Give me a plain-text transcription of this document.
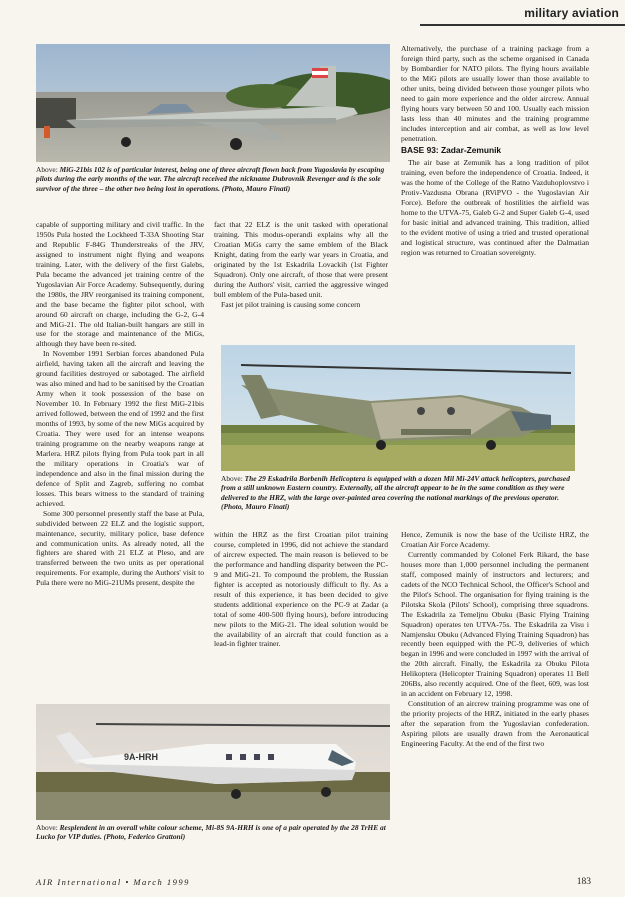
military aviation
Above: MiG-21bis 102 is of particular interest, being one of three aircraft flown back from Yugoslavia by escaping pilots during the early months of the war. The aircraft received the nickname Dubrovnik Revenger and is the sole survivor of the three – the other two being lost in operations. (Photo, Mauro Finati)

Alternatively, the purchase of a training package from a foreign third party, such as the scheme organised in Canada by Bombardier for NATO pilots. The flying hours available to the MiG pilots are usually lower than those available to other units, being divided between those younger pilots who need to gain more experience and the older aircrew. Annual flying hours vary between 50 and 100. Usually each mission lasts less than 40 minutes and the training programme includes interception and air combat, as well as low level penetration.

BASE 93: Zadar-Zemunik

The air base at Zemunik has a long tradition of pilot training, even before the independence of Croatia. Indeed, it was the home of the College of the Ratno Vazduhoplovstvo i Protiv-Vazdusna Obrana (RViPVO - the Yugoslavian Air Force). Before the outbreak of hostilities the airfield was home to the UTVA-75, Galeb G-2 and Super Galeb G-4, used for basic initial and advanced training. This tradition, allied to the evident motive of using a tried and trusted operational and logistical structure, was continued after the Dalmatian region was returned to Croatian sovereignty.

capable of supporting military and civil traffic. In the 1950s Pula hosted the Lockheed T-33A Shooting Star and Republic F-84G Thunderstreaks of the JRV, assigned to instrument night flying and weapons training. Later, with the delivery of the first Galebs, Pula became the advanced jet training centre of the Yugoslavian Air Force Academy. Subsequently, during the 1980s, the JRV reorganised its training component, and the base became the fighter pilot school, with around 60 aircraft on charge, including the G-2, G-4 and MiG-21. The old Italian-built hangars are still in use for the storage and maintenance of the MiGs, although they have been re-sited.

In November 1991 Serbian forces abandoned Pula airfield, having taken all the aircraft and leaving the ground facilities destroyed or sabotaged. The airfield was also mined and had to be sanitised by the Croatian Army when it took possession of the base on November 10. In February 1992 the first MiG-21bis arrived followed, between the end of 1992 and the first months of 1993, by some of the new MiGs acquired by Croatia. They were used for an intense weapons training programme on the nearby weapons range at Marlera. HRZ pilots flying from Pula took part in all the military operations in Croatia's war of independence and also in the final mission during the defence of Split and Zagreb, suffering no combat losses. This bears witness to the standard of training achieved.

Some 300 personnel presently staff the base at Pula, subdivided between 22 ELZ and the logistic support, maintenance, security, military police, base defence and communication units. As already noted, all the fighters are shared with 21 ELZ at Pleso, and are transferred between the two units as per operational requirements. For example, during the Authors' visit to Pula there were no MiG-21UMs present, despite the

fact that 22 ELZ is the unit tasked with operational training. This modus-operandi explains why all the Croatian MiGs carry the same emblem of the Black Knight, dating from the early war years in Croatia, and originated by the 1st Eskadrila Lovackih (1st Fighter Squadron). Only one aircraft, of those that were present during the Authors' visit, carried the aggressive winged bull emblem of the Pula-based unit.

Fast jet pilot training is causing some concern

Above: The 29 Eskadrila Borbenih Helicoptera is equipped with a dozen Mil Mi-24V attack helicopters, purchased from a still unknown Eastern country. Externally, all the aircraft appear to be in the same condition as they were delivered to the HRZ, with the large over-painted area covering the national markings of the previous operator. (Photo, Mauro Finati)

within the HRZ as the first Croatian pilot training course, completed in 1996, did not achieve the standard of aircrew expected. The main reason is believed to be the performance and handling disparity between the PC-9 and MiG-21. To compound the problem, the Russian fighter is accepted as notoriously difficult to fly. As a result of this experience, it has been decided to give students additional experience on the PC-9 at Zadar (a total of some 400-500 flying hours), before introducing new pilots to the MiG-21. The ideal solution would be the availability of an aircraft that could function as a lead-in fighter trainer.

Hence, Zemunik is now the base of the Uciliste HRZ, the Croatian Air Force Academy.

Currently commanded by Colonel Ferk Rikard, the base houses more than 1,000 personnel including the permanent staff, composed mainly of instructors and lecturers; and cadets of the NCO Technical School, the Officer's School and the Pilot's School. The organisation for flying training is the Pilotska Skola (Pilots' School), comprising three squadrons. The Eskadrila za Temeljnu Obuku (Basic Flying Training Squadron) operates ten UTVA-75s. The Eskadrila za Visu i Namjensku Obuku (Advanced Flying Training Squadron) has recently been equipped with the PC-9, deliveries of which began in 1996 and were concluded in 1997 with the arrival of the 20th aircraft. Finally, the Eskadrila za Obuku Pilota Helikoptera (Helicopter Training Squadron) operates 11 Bell 206Bs, also recently acquired. One of the fleet, 609, was lost in an accident on February 12, 1998.

Constitution of an aircrew training programme was one of the priority projects of the HRZ, initiated in the early phases after the separation from the Yugoslavian confederation. Aspiring pilots are usually drawn from the Aeronautical Engineering Faculty. At the end of the first two

9A-HRH
Above: Resplendent in an overall white colour scheme, Mi-8S 9A-HRH is one of a pair operated by the 28 TrHE at Lucko for VIP duties. (Photo, Federico Grattoni)
AIR International • March 1999	183
